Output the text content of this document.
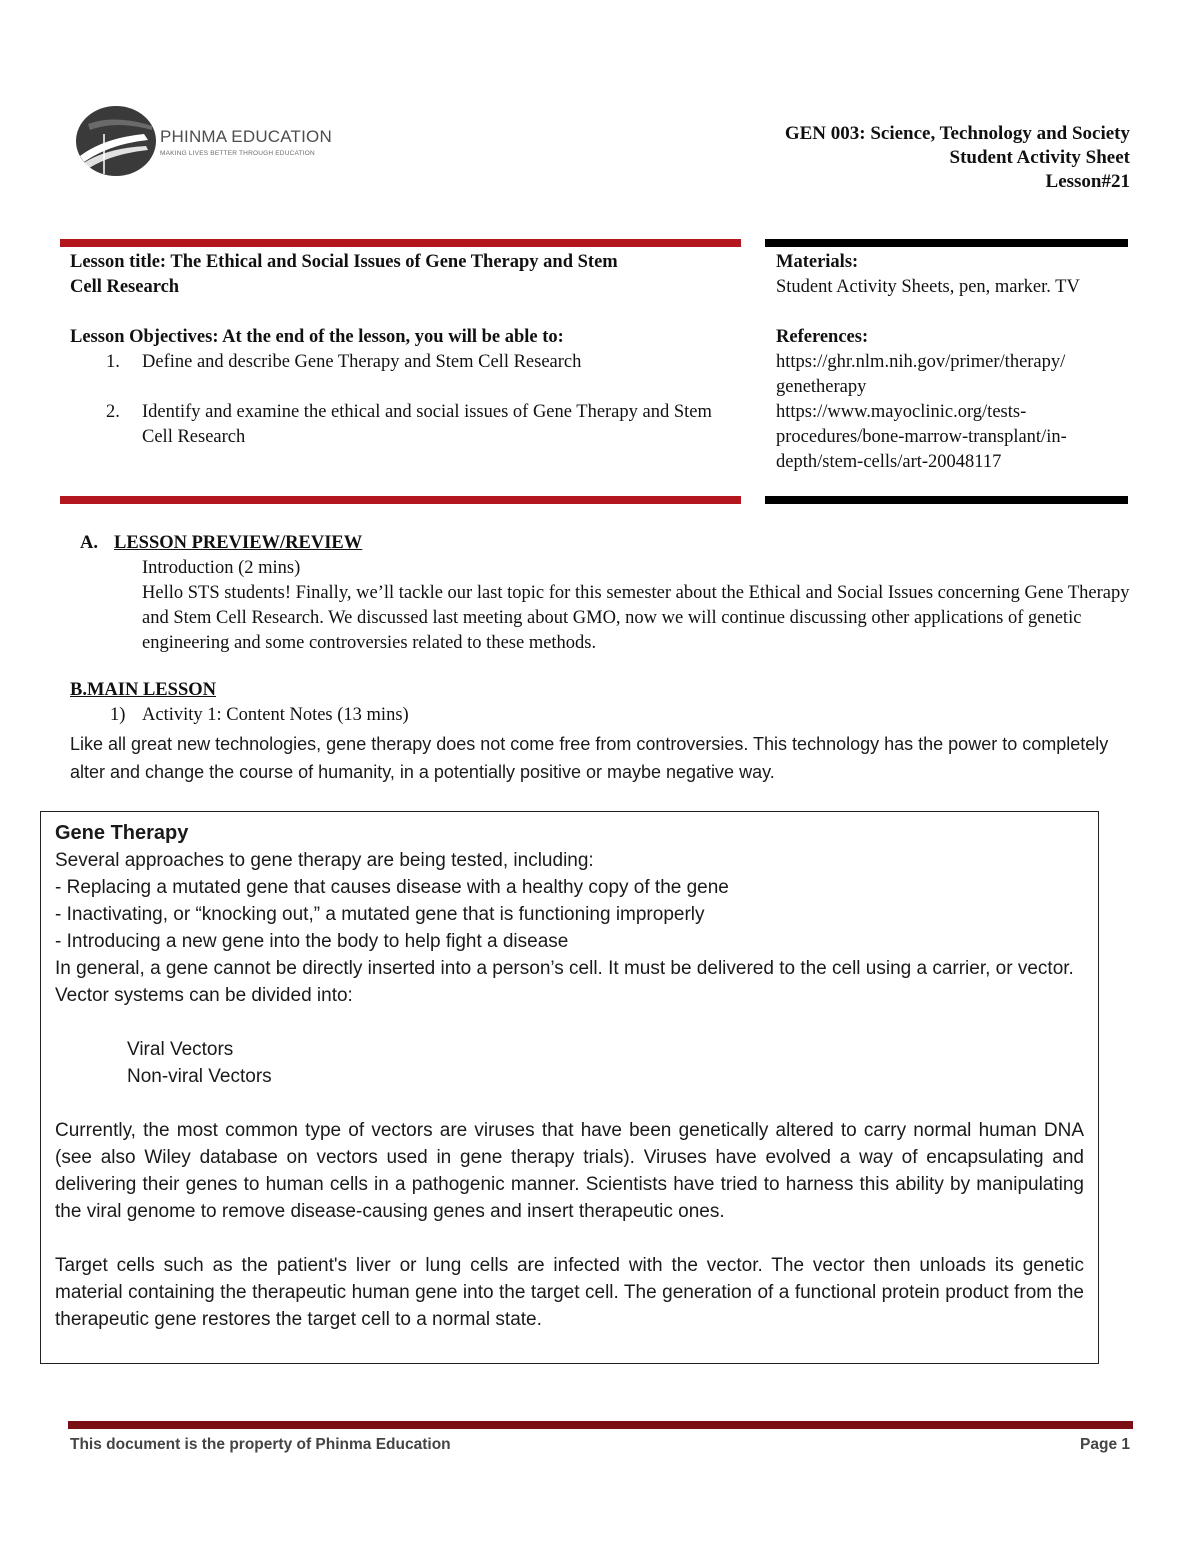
PHINMA EDUCATION
MAKING LIVES BETTER THROUGH EDUCATION
GEN 003: Science, Technology and Society
Student Activity Sheet
Lesson#21
Lesson title: The Ethical and Social Issues of Gene Therapy and Stem
Cell Research
Lesson Objectives: At the end of the lesson, you will be able to:
1. Define and describe Gene Therapy and Stem Cell Research
2. Identify and examine the ethical and social issues of Gene Therapy and Stem Cell Research
Materials:
Student Activity Sheets, pen, marker. TV
References:
https://ghr.nlm.nih.gov/primer/therapy/
genetherapy
https://www.mayoclinic.org/tests-
procedures/bone-marrow-transplant/in-
depth/stem-cells/art-20048117
A. LESSON PREVIEW/REVIEW
Introduction (2 mins)
Hello STS students! Finally, we’ll tackle our last topic for this semester about the Ethical and Social Issues concerning Gene Therapy and Stem Cell Research. We discussed last meeting about GMO, now we will continue discussing other applications of genetic engineering and some controversies related to these methods.
B.MAIN LESSON
1) Activity 1: Content Notes (13 mins)
Like all great new technologies, gene therapy does not come free from controversies. This technology has the power to completely alter and change the course of humanity, in a potentially positive or maybe negative way.
Gene Therapy
Several approaches to gene therapy are being tested, including:
- Replacing a mutated gene that causes disease with a healthy copy of the gene
- Inactivating, or “knocking out,” a mutated gene that is functioning improperly
- Introducing a new gene into the body to help fight a disease
In general, a gene cannot be directly inserted into a person’s cell. It must be delivered to the cell using a carrier, or vector. Vector systems can be divided into:
Viral Vectors
Non-viral Vectors
Currently, the most common type of vectors are viruses that have been genetically altered to carry normal human DNA (see also Wiley database on vectors used in gene therapy trials). Viruses have evolved a way of encapsulating and delivering their genes to human cells in a pathogenic manner. Scientists have tried to harness this ability by manipulating the viral genome to remove disease-causing genes and insert therapeutic ones.
Target cells such as the patient's liver or lung cells are infected with the vector. The vector then unloads its genetic material containing the therapeutic human gene into the target cell. The generation of a functional protein product from the therapeutic gene restores the target cell to a normal state.
This document is the property of Phinma Education	Page 1
